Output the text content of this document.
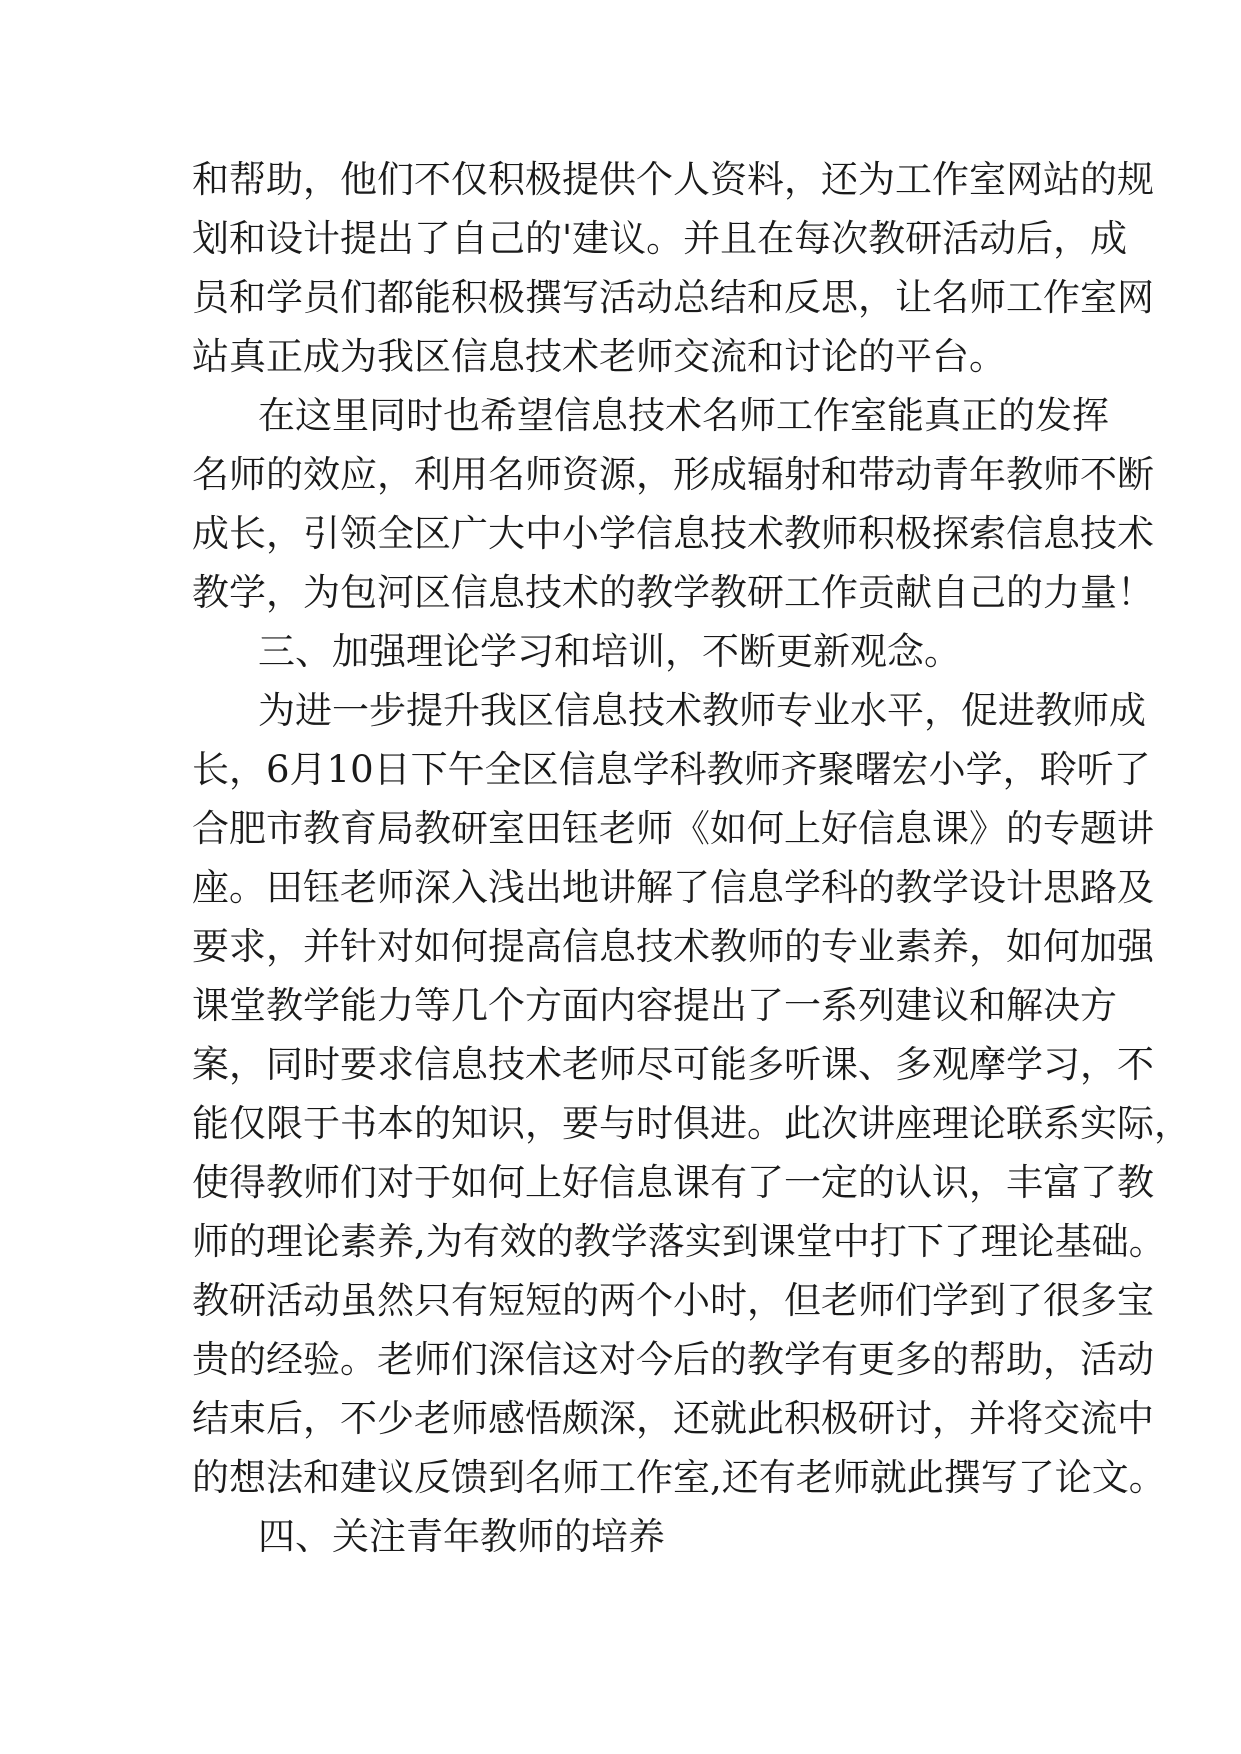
和帮助，他们不仅积极提供个人资料，还为工作室网站的规
划和设计提出了自己的'建议。并且在每次教研活动后，成
员和学员们都能积极撰写活动总结和反思，让名师工作室网
站真正成为我区信息技术老师交流和讨论的平台。
在这里同时也希望信息技术名师工作室能真正的发挥
名师的效应，利用名师资源，形成辐射和带动青年教师不断
成长，引领全区广大中小学信息技术教师积极探索信息技术
教学，为包河区信息技术的教学教研工作贡献自己的力量！
三、加强理论学习和培训，不断更新观念。
为进一步提升我区信息技术教师专业水平，促进教师成
长，6月10日下午全区信息学科教师齐聚曙宏小学，聆听了
合肥市教育局教研室田钰老师《如何上好信息课》的专题讲
座。田钰老师深入浅出地讲解了信息学科的教学设计思路及
要求，并针对如何提高信息技术教师的专业素养，如何加强
课堂教学能力等几个方面内容提出了一系列建议和解决方
案，同时要求信息技术老师尽可能多听课、多观摩学习，不
能仅限于书本的知识，要与时俱进。此次讲座理论联系实际，
使得教师们对于如何上好信息课有了一定的认识，丰富了教
师的理论素养,为有效的教学落实到课堂中打下了理论基础。
教研活动虽然只有短短的两个小时，但老师们学到了很多宝
贵的经验。老师们深信这对今后的教学有更多的帮助，活动
结束后，不少老师感悟颇深，还就此积极研讨，并将交流中
的想法和建议反馈到名师工作室,还有老师就此撰写了论文。
四、关注青年教师的培养
